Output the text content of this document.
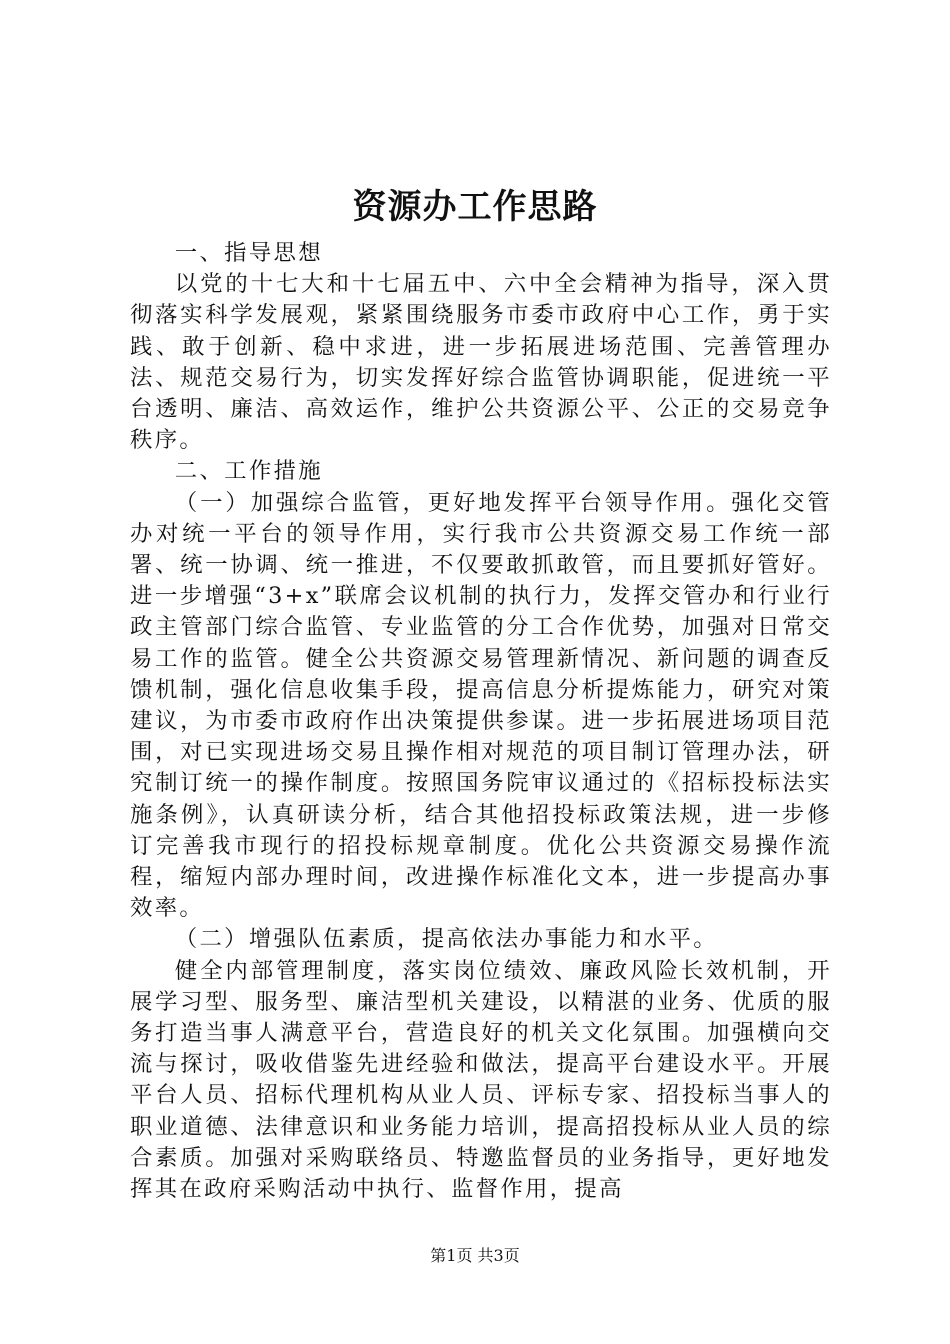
资源办工作思路

一、指导思想

以党的十七大和十七届五中、六中全会精神为指导，深入贯彻落实科学发展观，紧紧围绕服务市委市政府中心工作，勇于实践、敢于创新、稳中求进，进一步拓展进场范围、完善管理办法、规范交易行为，切实发挥好综合监管协调职能，促进统一平台透明、廉洁、高效运作，维护公共资源公平、公正的交易竞争秩序。

二、工作措施

（一）加强综合监管，更好地发挥平台领导作用。强化交管办对统一平台的领导作用，实行我市公共资源交易工作统一部署、统一协调、统一推进，不仅要敢抓敢管，而且要抓好管好。进一步增强“3+x”联席会议机制的执行力，发挥交管办和行业行政主管部门综合监管、专业监管的分工合作优势，加强对日常交易工作的监管。健全公共资源交易管理新情况、新问题的调查反馈机制，强化信息收集手段，提高信息分析提炼能力，研究对策建议，为市委市政府作出决策提供参谋。进一步拓展进场项目范围，对已实现进场交易且操作相对规范的项目制订管理办法，研究制订统一的操作制度。按照国务院审议通过的《招标投标法实施条例》，认真研读分析，结合其他招投标政策法规，进一步修订完善我市现行的招投标规章制度。优化公共资源交易操作流程，缩短内部办理时间，改进操作标准化文本，进一步提高办事效率。

（二）增强队伍素质，提高依法办事能力和水平。

健全内部管理制度，落实岗位绩效、廉政风险长效机制，开展学习型、服务型、廉洁型机关建设，以精湛的业务、优质的服务打造当事人满意平台，营造良好的机关文化氛围。加强横向交流与探讨，吸收借鉴先进经验和做法，提高平台建设水平。开展平台人员、招标代理机构从业人员、评标专家、招投标当事人的职业道德、法律意识和业务能力培训，提高招投标从业人员的综合素质。加强对采购联络员、特邀监督员的业务指导，更好地发挥其在政府采购活动中执行、监督作用，提高

第1页 共3页
